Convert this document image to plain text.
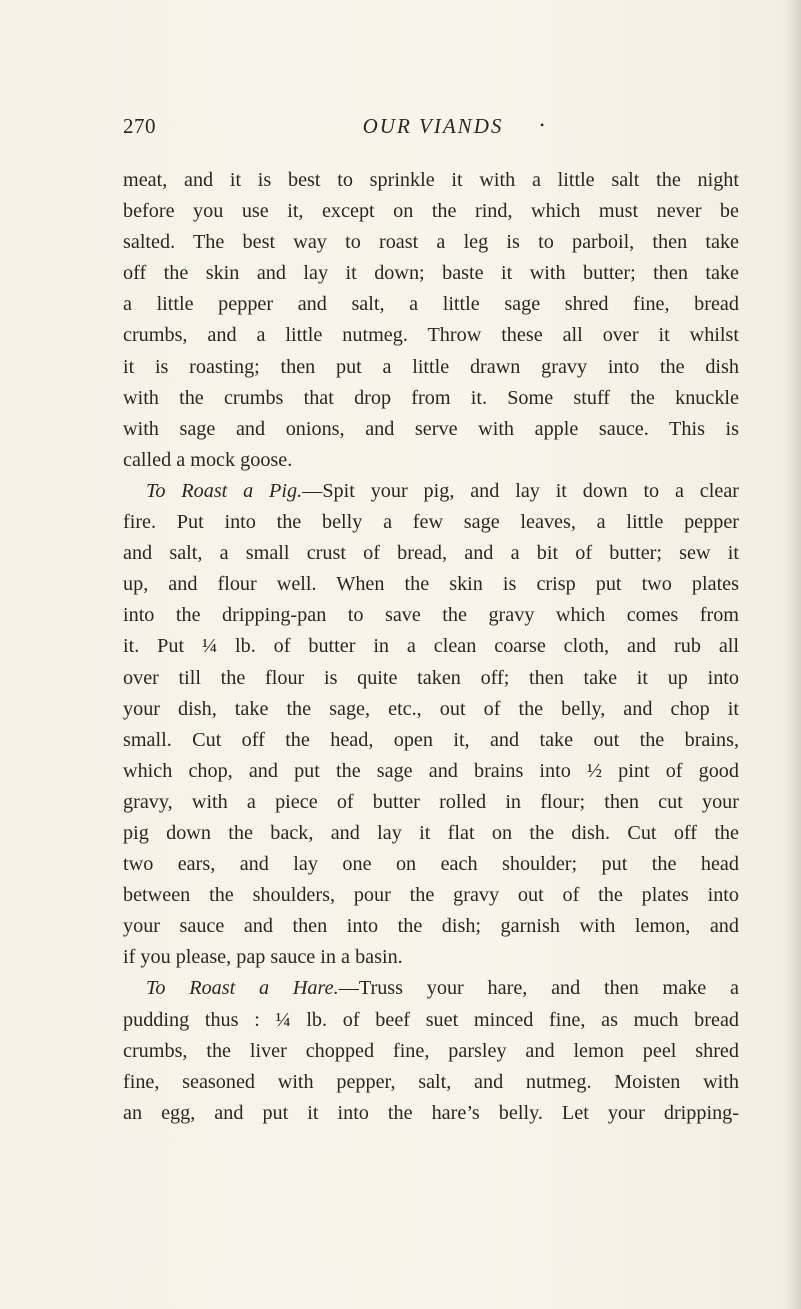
270	OUR VIANDS	•
meat, and it is best to sprinkle it with a little salt the night
before you use it, except on the rind, which must never be
salted. The best way to roast a leg is to parboil, then take
off the skin and lay it down; baste it with butter; then take
a little pepper and salt, a little sage shred fine, bread
crumbs, and a little nutmeg. Throw these all over it whilst
it is roasting; then put a little drawn gravy into the dish
with the crumbs that drop from it. Some stuff the knuckle
with sage and onions, and serve with apple sauce. This is
called a mock goose.
To Roast a Pig.—Spit your pig, and lay it down to a clear
fire. Put into the belly a few sage leaves, a little pepper
and salt, a small crust of bread, and a bit of butter; sew it
up, and flour well. When the skin is crisp put two plates
into the dripping-pan to save the gravy which comes from
it. Put ¼ lb. of butter in a clean coarse cloth, and rub all
over till the flour is quite taken off; then take it up into
your dish, take the sage, etc., out of the belly, and chop it
small. Cut off the head, open it, and take out the brains,
which chop, and put the sage and brains into ½ pint of good
gravy, with a piece of butter rolled in flour; then cut your
pig down the back, and lay it flat on the dish. Cut off the
two ears, and lay one on each shoulder; put the head
between the shoulders, pour the gravy out of the plates into
your sauce and then into the dish; garnish with lemon, and
if you please, pap sauce in a basin.
To Roast a Hare.—Truss your hare, and then make a
pudding thus : ¼ lb. of beef suet minced fine, as much bread
crumbs, the liver chopped fine, parsley and lemon peel shred
fine, seasoned with pepper, salt, and nutmeg. Moisten with
an egg, and put it into the hare’s belly. Let your dripping-
